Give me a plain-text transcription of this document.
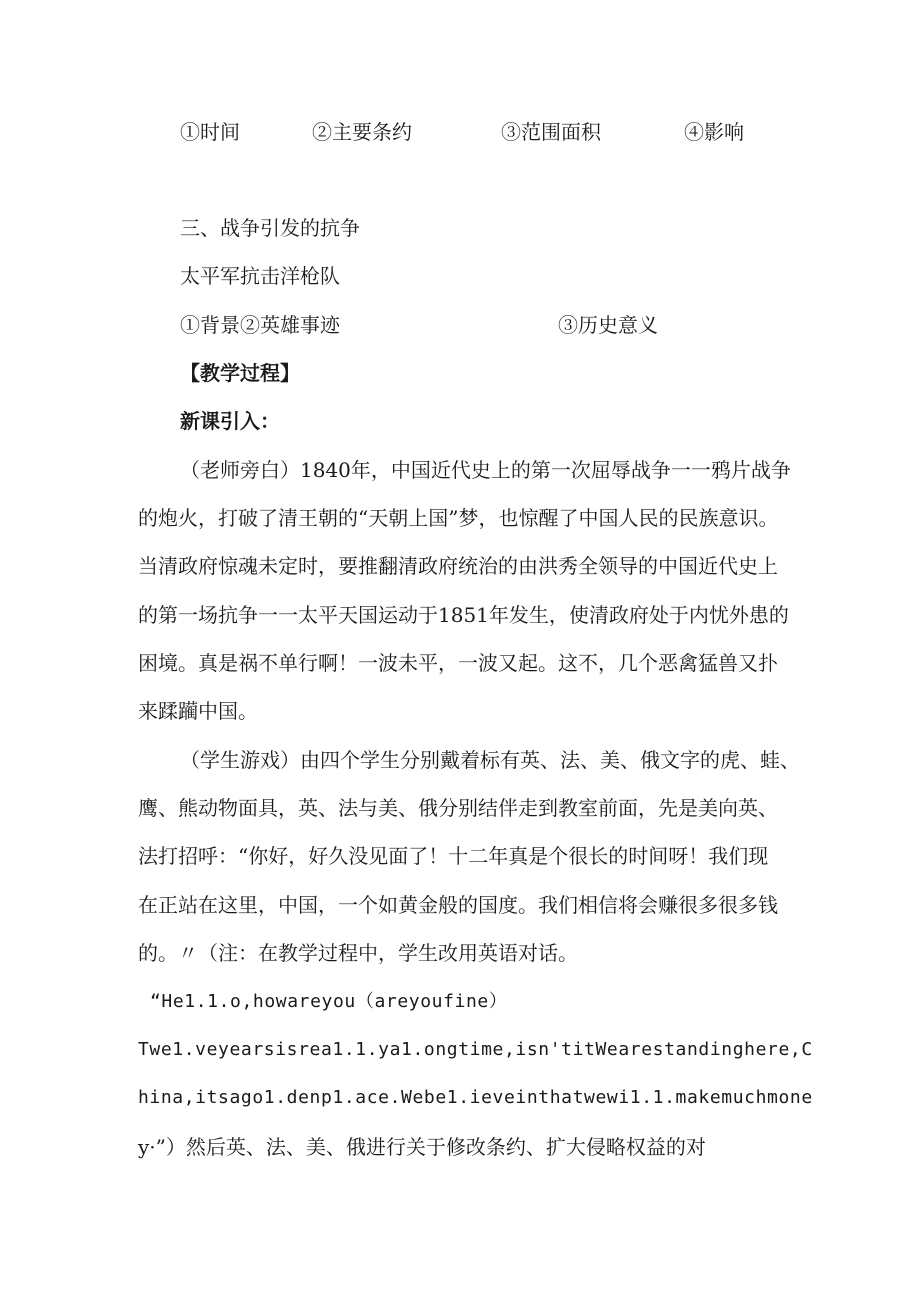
①时间	②主要条约	③范围面积	④影响
三、战争引发的抗争
太平军抗击洋枪队
①背景②英雄事迹	③历史意义
【教学过程】
新课引入：
（老师旁白）1840年，中国近代史上的第一次屈辱战争一一鸦片战争
的炮火，打破了清王朝的“天朝上国”梦，也惊醒了中国人民的民族意识。
当清政府惊魂未定时，要推翻清政府统治的由洪秀全领导的中国近代史上
的第一场抗争一一太平天国运动于1851年发生，使清政府处于内忧外患的
困境。真是祸不单行啊！一波未平，一波又起。这不，几个恶禽猛兽又扑
来蹂躏中国。
（学生游戏）由四个学生分别戴着标有英、法、美、俄文字的虎、蛙、
鹰、熊动物面具，英、法与美、俄分别结伴走到教室前面，先是美向英、
法打招呼：“你好，好久没见面了！十二年真是个很长的时间呀！我们现
在正站在这里，中国，一个如黄金般的国度。我们相信将会赚很多很多钱
的。〃（注：在教学过程中，学生改用英语对话。
“He1.1.o,howareyou（areyoufine）
Twe1.veyearsisrea1.1.ya1.ongtime,isn'titWearestandinghere,C
hina,itsago1.denp1.ace.Webe1.ieveinthatwewi1.1.makemuchmone
y·”）然后英、法、美、俄进行关于修改条约、扩大侵略权益的对
